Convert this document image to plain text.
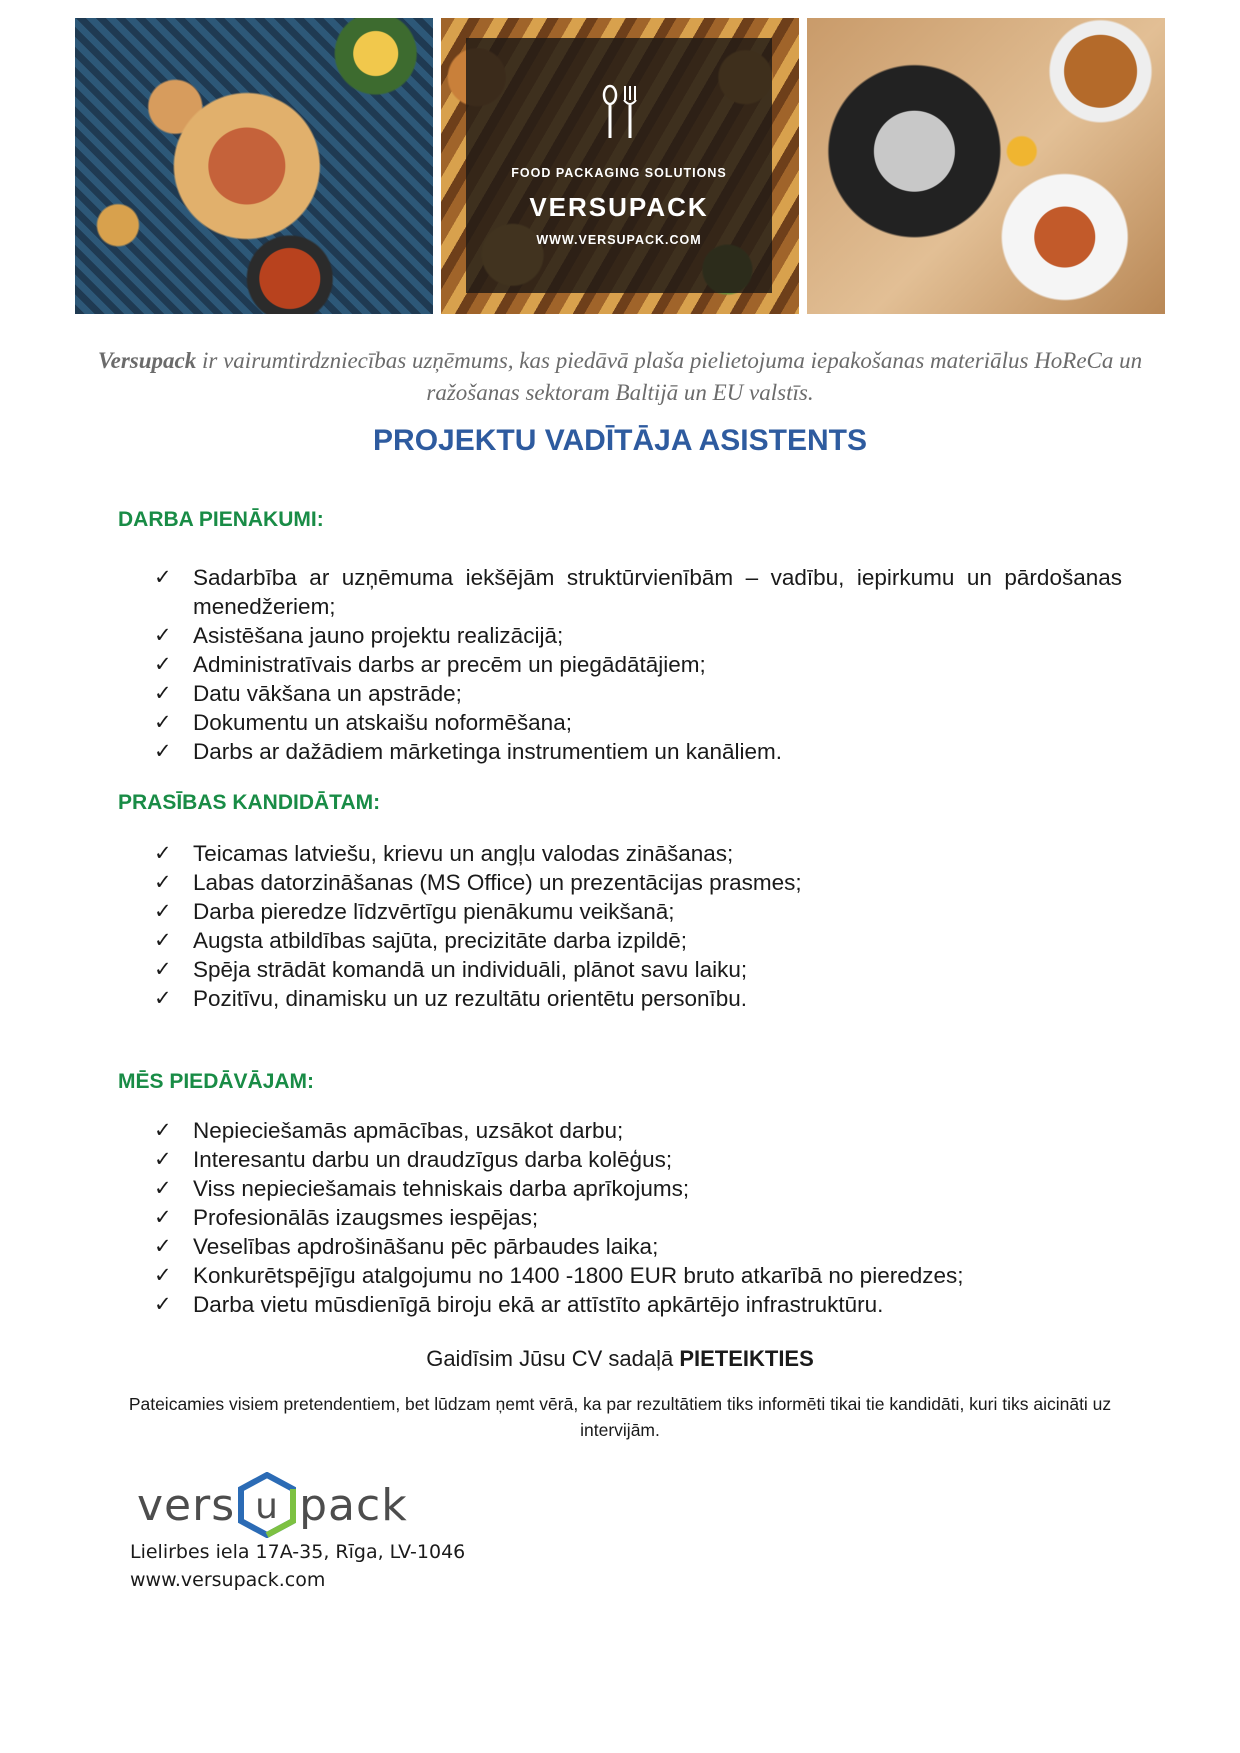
FOOD PACKAGING SOLUTIONS
VERSUPACK
WWW.VERSUPACK.COM

Versupack ir vairumtirdzniecības uzņēmums, kas piedāvā plaša pielietojuma iepakošanas materiālus HoReCa un ražošanas sektoram Baltijā un EU valstīs.

PROJEKTU VADĪTĀJA ASISTENTS
DARBA PIENĀKUMI:
✓ Sadarbība ar uzņēmuma iekšējām struktūrvienībām – vadību, iepirkumu un pārdošanas menedžeriem;
✓ Asistēšana jauno projektu realizācijā;
✓ Administratīvais darbs ar precēm un piegādātājiem;
✓ Datu vākšana un apstrāde;
✓ Dokumentu un atskaišu noformēšana;
✓ Darbs ar dažādiem mārketinga instrumentiem un kanāliem.
PRASĪBAS KANDIDĀTAM:
✓ Teicamas latviešu, krievu un angļu valodas zināšanas;
✓ Labas datorzināšanas (MS Office) un prezentācijas prasmes;
✓ Darba pieredze līdzvērtīgu pienākumu veikšanā;
✓ Augsta atbildības sajūta, precizitāte darba izpildē;
✓ Spēja strādāt komandā un individuāli, plānot savu laiku;
✓ Pozitīvu, dinamisku un uz rezultātu orientētu personību.
MĒS PIEDĀVĀJAM:
✓ Nepieciešamās apmācības, uzsākot darbu;
✓ Interesantu darbu un draudzīgus darba kolēģus;
✓ Viss nepieciešamais tehniskais darba aprīkojums;
✓ Profesionālās izaugsmes iespējas;
✓ Veselības apdrošināšanu pēc pārbaudes laika;
✓ Konkurētspējīgu atalgojumu no 1400 -1800 EUR bruto atkarībā no pieredzes;
✓ Darba vietu mūsdienīgā biroju ekā ar attīstīto apkārtējo infrastruktūru.

Gaidīsim Jūsu CV sadaļā PIETEIKTIES

Pateicamies visiem pretendentiem, bet lūdzam ņemt vērā, ka par rezultātiem tiks informēti tikai tie kandidāti, kuri tiks aicināti uz intervijām.

vers u pack

Lielirbes iela 17A-35, Rīga, LV-1046
www.versupack.com
